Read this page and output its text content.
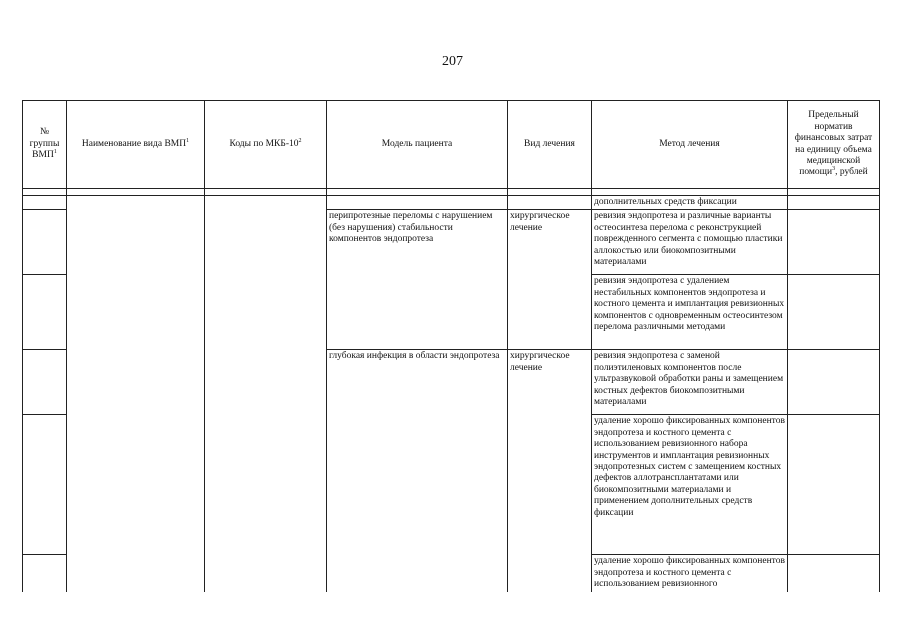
207
№ группы ВМП$^1$	Наименование вида ВМП$^1$	Коды по МКБ-$10^2$	Модель пациента	Вид лечения	Метод лечения	Предельный норматив финансовых затрат на единицу объема медицинской помощи$^3$, рублей

					дополнительных средств фиксации	
			перипротезные переломы с нарушением (без нарушения) стабильности компонентов эндопротеза	хирургическое лечение	ревизия эндопротеза и различные варианты остеосинтеза перелома с реконструкцией поврежденного сегмента с помощью пластики аллокостью или биокомпозитными материалами	
					ревизия эндопротеза с удалением нестабильных компонентов эндопротеза и костного цемента и имплантация ревизионных компонентов с одновременным остеосинтезом перелома различными методами	
			глубокая инфекция в области эндопротеза	хирургическое лечение	ревизия эндопротеза с заменой полиэтиленовых компонентов после ультразвуковой обработки раны и замещением костных дефектов биокомпозитными материалами	
					удаление хорошо фиксированных компонентов эндопротеза и костного цемента с использованием ревизионного набора инструментов и имплантация ревизионных эндопротезных систем с замещением костных дефектов аллотрансплантатами или биокомпозитными материалами и применением дополнительных средств фиксации	
					удаление хорошо фиксированных компонентов эндопротеза и костного цемента с использованием ревизионного	
